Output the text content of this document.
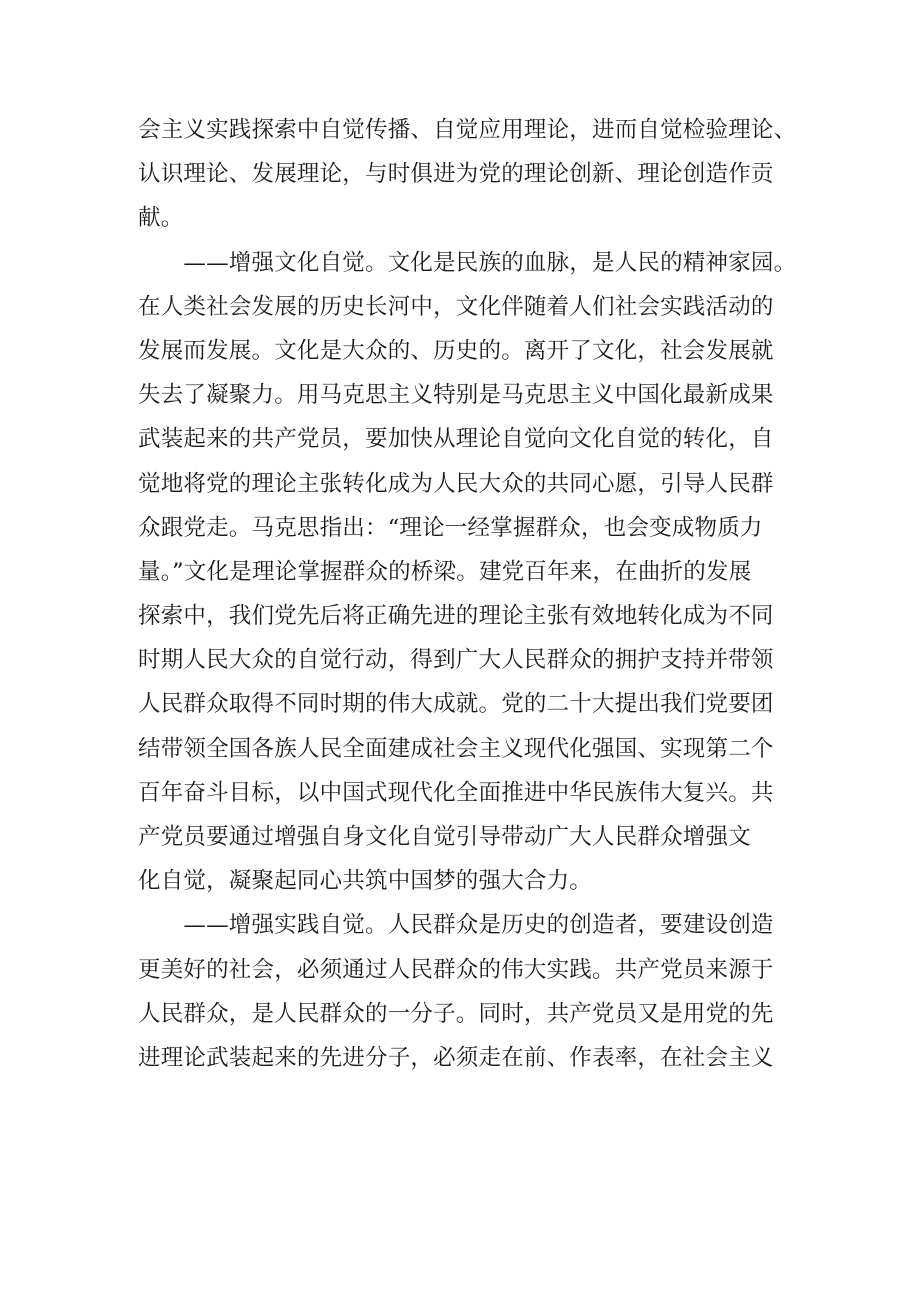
会主义实践探索中自觉传播、自觉应用理论，进而自觉检验理论、
认识理论、发展理论，与时俱进为党的理论创新、理论创造作贡
献。
　　——增强文化自觉。文化是民族的血脉，是人民的精神家园。
在人类社会发展的历史长河中，文化伴随着人们社会实践活动的
发展而发展。文化是大众的、历史的。离开了文化，社会发展就
失去了凝聚力。用马克思主义特别是马克思主义中国化最新成果
武装起来的共产党员，要加快从理论自觉向文化自觉的转化，自
觉地将党的理论主张转化成为人民大众的共同心愿，引导人民群
众跟党走。马克思指出：“理论一经掌握群众，也会变成物质力
量。”文化是理论掌握群众的桥梁。建党百年来，在曲折的发展
探索中，我们党先后将正确先进的理论主张有效地转化成为不同
时期人民大众的自觉行动，得到广大人民群众的拥护支持并带领
人民群众取得不同时期的伟大成就。党的二十大提出我们党要团
结带领全国各族人民全面建成社会主义现代化强国、实现第二个
百年奋斗目标，以中国式现代化全面推进中华民族伟大复兴。共
产党员要通过增强自身文化自觉引导带动广大人民群众增强文
化自觉，凝聚起同心共筑中国梦的强大合力。
　　——增强实践自觉。人民群众是历史的创造者，要建设创造
更美好的社会，必须通过人民群众的伟大实践。共产党员来源于
人民群众，是人民群众的一分子。同时，共产党员又是用党的先
进理论武装起来的先进分子，必须走在前、作表率，在社会主义
